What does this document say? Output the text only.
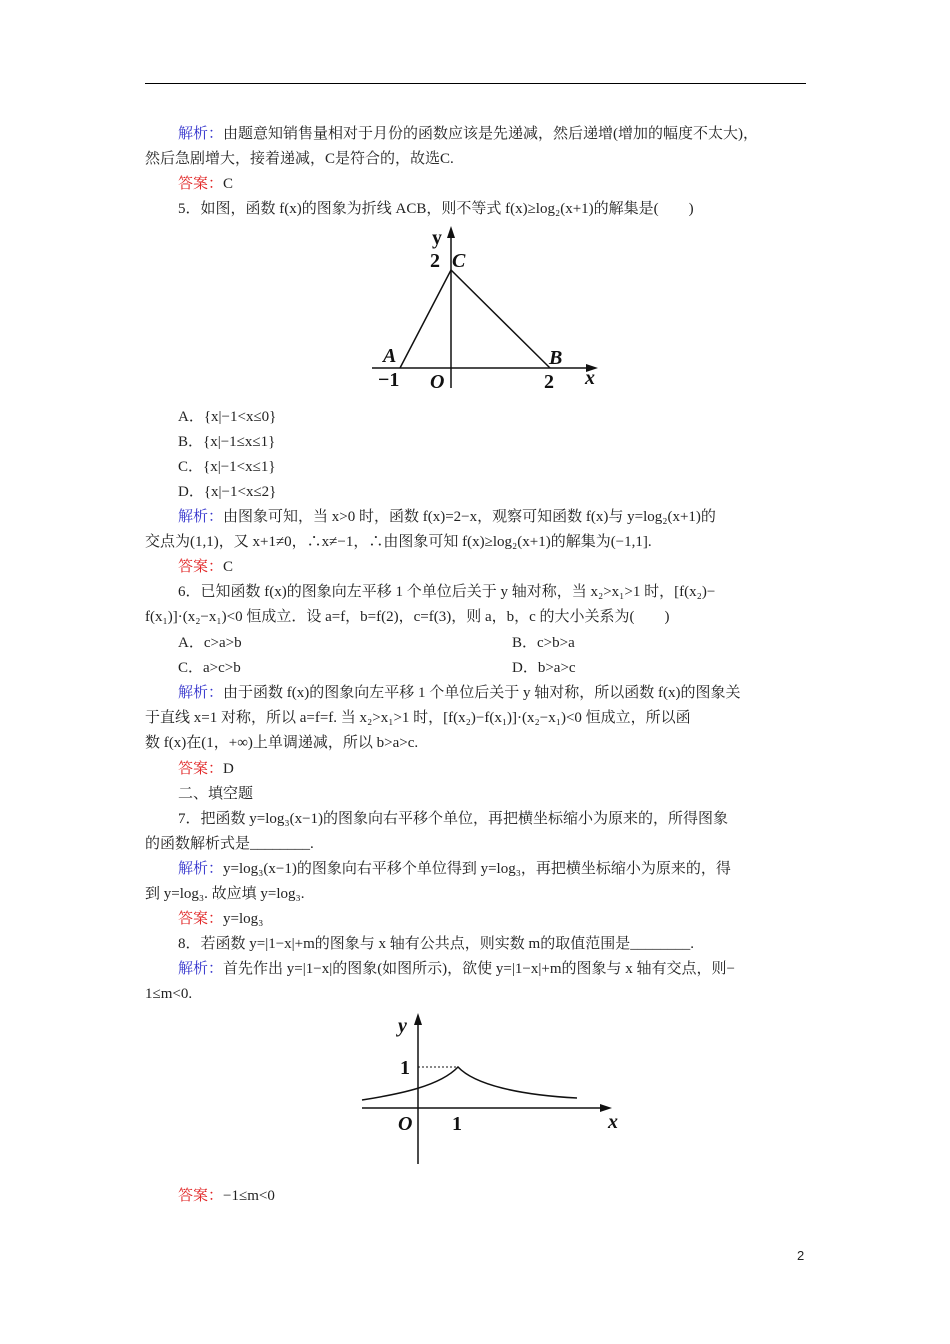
解析：由题意知销售量相对于月份的函数应该是先递减，然后递增(增加的幅度不太大)，
然后急剧增大，接着递减，C是符合的，故选C.
答案：C
5．如图，函数 f(x)的图象为折线 ACB，则不等式 f(x)≥log₂(x+1)的解集是(　　)
A．{x|−1<x≤0}
B．{x|−1≤x≤1}
C．{x|−1<x≤1}
D．{x|−1<x≤2}
解析：由图象可知，当 x>0 时，函数 f(x)=2−x，观察可知函数 f(x)与 y=log₂(x+1)的
交点为(1,1)，又 x+1≠0，∴x≠−1，∴由图象可知 f(x)≥log₂(x+1)的解集为(−1,1].
答案：C
6．已知函数 f(x)的图象向左平移 1 个单位后关于 y 轴对称，当 x₂>x₁>1 时，[f(x₂)−
f(x₁)]·(x₂−x₁)<0 恒成立．设 a=f，b=f(2)，c=f(3)，则 a，b，c 的大小关系为(　　)
A．c>a>b	B．c>b>a
C．a>c>b	D．b>a>c
解析：由于函数 f(x)的图象向左平移 1 个单位后关于 y 轴对称，所以函数 f(x)的图象关
于直线 x=1 对称，所以 a=f=f. 当 x₂>x₁>1 时，[f(x₂)−f(x₁)]·(x₂−x₁)<0 恒成立，所以函
数 f(x)在(1，+∞)上单调递减，所以 b>a>c.
答案：D
二、填空题
7．把函数 y=log₃(x−1)的图象向右平移个单位，再把横坐标缩小为原来的，所得图象
的函数解析式是________.
解析：y=log₃(x−1)的图象向右平移个单位得到 y=log₃，再把横坐标缩小为原来的，得
到 y=log₃. 故应填 y=log₃.
答案：y=log₃
8．若函数 y=|1−x|+m的图象与 x 轴有公共点，则实数 m的取值范围是________.
解析：首先作出 y=|1−x|的图象(如图所示)，欲使 y=|1−x|+m的图象与 x 轴有交点，则−
1≤m<0.
答案：−1≤m<0
y
2 C
A	B
−1 O	2 x
y
1
O 1	x
2
